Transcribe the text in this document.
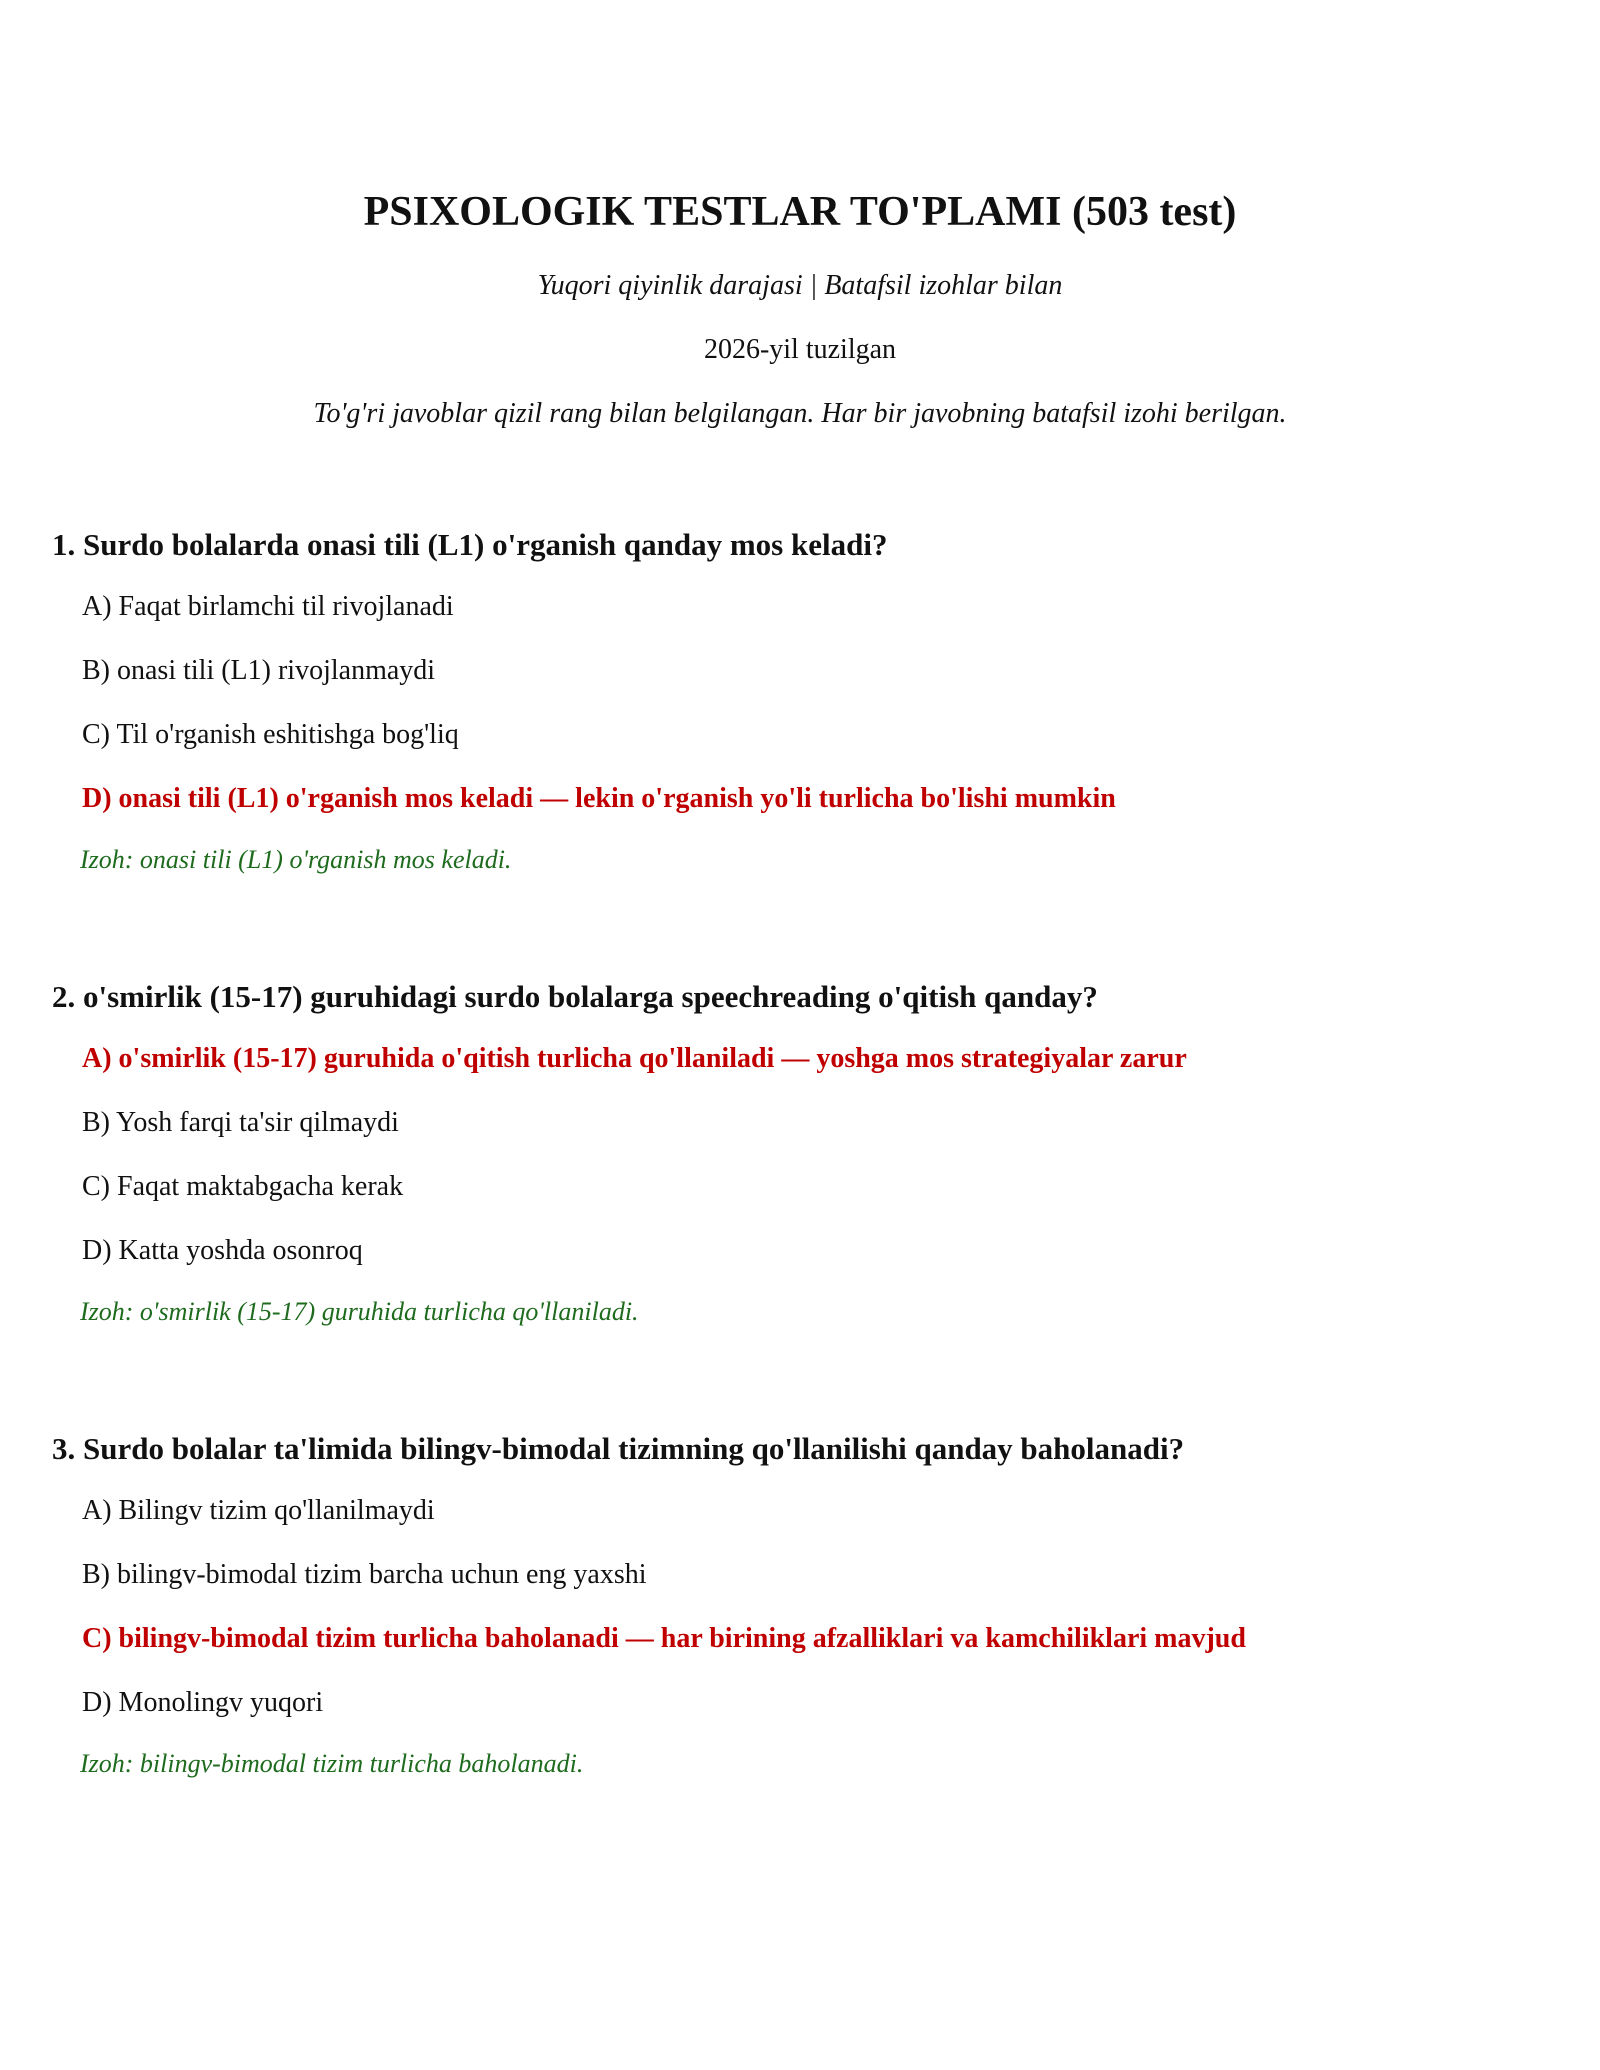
PSIXOLOGIK TESTLAR TO'PLAMI (503 test)
Yuqori qiyinlik darajasi | Batafsil izohlar bilan
2026-yil tuzilgan
To'g'ri javoblar qizil rang bilan belgilangan. Har bir javobning batafsil izohi berilgan.
1. Surdo bolalarda onasi tili (L1) o'rganish qanday mos keladi?
A) Faqat birlamchi til rivojlanadi
B) onasi tili (L1) rivojlanmaydi
C) Til o'rganish eshitishga bog'liq
D) onasi tili (L1) o'rganish mos keladi — lekin o'rganish yo'li turlicha bo'lishi mumkin
Izoh: onasi tili (L1) o'rganish mos keladi.
2. o'smirlik (15-17) guruhidagi surdo bolalarga speechreading o'qitish qanday?
A) o'smirlik (15-17) guruhida o'qitish turlicha qo'llaniladi — yoshga mos strategiyalar zarur
B) Yosh farqi ta'sir qilmaydi
C) Faqat maktabgacha kerak
D) Katta yoshda osonroq
Izoh: o'smirlik (15-17) guruhida turlicha qo'llaniladi.
3. Surdo bolalar ta'limida bilingv-bimodal tizimning qo'llanilishi qanday baholanadi?
A) Bilingv tizim qo'llanilmaydi
B) bilingv-bimodal tizim barcha uchun eng yaxshi
C) bilingv-bimodal tizim turlicha baholanadi — har birining afzalliklari va kamchiliklari mavjud
D) Monolingv yuqori
Izoh: bilingv-bimodal tizim turlicha baholanadi.
